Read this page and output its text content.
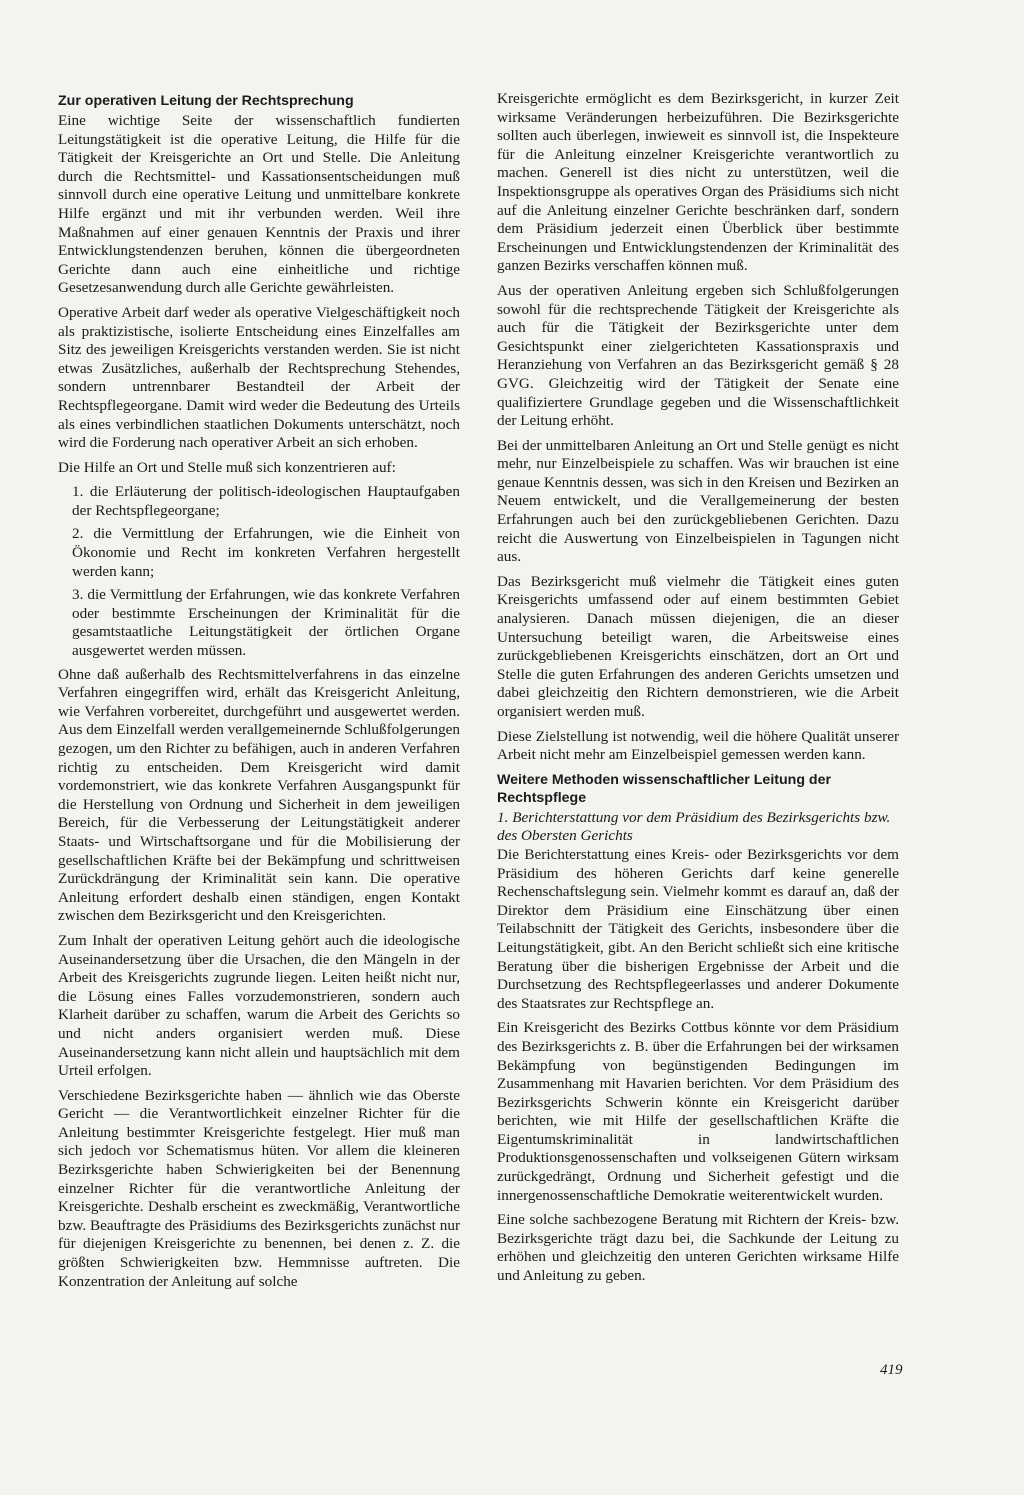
Zur operativen Leitung der Rechtsprechung

Eine wichtige Seite der wissenschaftlich fundierten Leitungstätigkeit ist die operative Leitung, die Hilfe für die Tätigkeit der Kreisgerichte an Ort und Stelle. Die Anleitung durch die Rechtsmittel- und Kassationsentscheidungen muß sinnvoll durch eine operative Leitung und unmittelbare konkrete Hilfe ergänzt und mit ihr verbunden werden. Weil ihre Maßnahmen auf einer genauen Kenntnis der Praxis und ihrer Entwicklungstendenzen beruhen, können die übergeordneten Gerichte dann auch eine einheitliche und richtige Gesetzesanwendung durch alle Gerichte gewährleisten.

Operative Arbeit darf weder als operative Vielgeschäftigkeit noch als praktizistische, isolierte Entscheidung eines Einzelfalles am Sitz des jeweiligen Kreisgerichts verstanden werden. Sie ist nicht etwas Zusätzliches, außerhalb der Rechtsprechung Stehendes, sondern untrennbarer Bestandteil der Arbeit der Rechtspflegeorgane. Damit wird weder die Bedeutung des Urteils als eines verbindlichen staatlichen Dokuments unterschätzt, noch wird die Forderung nach operativer Arbeit an sich erhoben.

Die Hilfe an Ort und Stelle muß sich konzentrieren auf:

1. die Erläuterung der politisch-ideologischen Hauptaufgaben der Rechtspflegeorgane;
2. die Vermittlung der Erfahrungen, wie die Einheit von Ökonomie und Recht im konkreten Verfahren hergestellt werden kann;
3. die Vermittlung der Erfahrungen, wie das konkrete Verfahren oder bestimmte Erscheinungen der Kriminalität für die gesamtstaatliche Leitungstätigkeit der örtlichen Organe ausgewertet werden müssen.

Ohne daß außerhalb des Rechtsmittelverfahrens in das einzelne Verfahren eingegriffen wird, erhält das Kreisgericht Anleitung, wie Verfahren vorbereitet, durchgeführt und ausgewertet werden. Aus dem Einzelfall werden verallgemeinernde Schlußfolgerungen gezogen, um den Richter zu befähigen, auch in anderen Verfahren richtig zu entscheiden. Dem Kreisgericht wird damit vordemonstriert, wie das konkrete Verfahren Ausgangspunkt für die Herstellung von Ordnung und Sicherheit in dem jeweiligen Bereich, für die Verbesserung der Leitungstätigkeit anderer Staats- und Wirtschaftsorgane und für die Mobilisierung der gesellschaftlichen Kräfte bei der Bekämpfung und schrittweisen Zurückdrängung der Kriminalität sein kann. Die operative Anleitung erfordert deshalb einen ständigen, engen Kontakt zwischen dem Bezirksgericht und den Kreisgerichten.

Zum Inhalt der operativen Leitung gehört auch die ideologische Auseinandersetzung über die Ursachen, die den Mängeln in der Arbeit des Kreisgerichts zugrunde liegen. Leiten heißt nicht nur, die Lösung eines Falles vorzudemonstrieren, sondern auch Klarheit darüber zu schaffen, warum die Arbeit des Gerichts so und nicht anders organisiert werden muß. Diese Auseinandersetzung kann nicht allein und hauptsächlich mit dem Urteil erfolgen.

Verschiedene Bezirksgerichte haben — ähnlich wie das Oberste Gericht — die Verantwortlichkeit einzelner Richter für die Anleitung bestimmter Kreisgerichte festgelegt. Hier muß man sich jedoch vor Schematismus hüten. Vor allem die kleineren Bezirksgerichte haben Schwierigkeiten bei der Benennung einzelner Richter für die verantwortliche Anleitung der Kreisgerichte. Deshalb erscheint es zweckmäßig, Verantwortliche bzw. Beauftragte des Präsidiums des Bezirksgerichts zunächst nur für diejenigen Kreisgerichte zu benennen, bei denen z. Z. die größten Schwierigkeiten bzw. Hemmnisse auftreten. Die Konzentration der Anleitung auf solche

Kreisgerichte ermöglicht es dem Bezirksgericht, in kurzer Zeit wirksame Veränderungen herbeizuführen. Die Bezirksgerichte sollten auch überlegen, inwieweit es sinnvoll ist, die Inspekteure für die Anleitung einzelner Kreisgerichte verantwortlich zu machen. Generell ist dies nicht zu unterstützen, weil die Inspektionsgruppe als operatives Organ des Präsidiums sich nicht auf die Anleitung einzelner Gerichte beschränken darf, sondern dem Präsidium jederzeit einen Überblick über bestimmte Erscheinungen und Entwicklungstendenzen der Kriminalität des ganzen Bezirks verschaffen können muß.

Aus der operativen Anleitung ergeben sich Schlußfolgerungen sowohl für die rechtsprechende Tätigkeit der Kreisgerichte als auch für die Tätigkeit der Bezirksgerichte unter dem Gesichtspunkt einer zielgerichteten Kassationspraxis und Heranziehung von Verfahren an das Bezirksgericht gemäß § 28 GVG. Gleichzeitig wird der Tätigkeit der Senate eine qualifiziertere Grundlage gegeben und die Wissenschaftlichkeit der Leitung erhöht.

Bei der unmittelbaren Anleitung an Ort und Stelle genügt es nicht mehr, nur Einzelbeispiele zu schaffen. Was wir brauchen ist eine genaue Kenntnis dessen, was sich in den Kreisen und Bezirken an Neuem entwickelt, und die Verallgemeinerung der besten Erfahrungen auch bei den zurückgebliebenen Gerichten. Dazu reicht die Auswertung von Einzelbeispielen in Tagungen nicht aus.

Das Bezirksgericht muß vielmehr die Tätigkeit eines guten Kreisgerichts umfassend oder auf einem bestimmten Gebiet analysieren. Danach müssen diejenigen, die an dieser Untersuchung beteiligt waren, die Arbeitsweise eines zurückgebliebenen Kreisgerichts einschätzen, dort an Ort und Stelle die guten Erfahrungen des anderen Gerichts umsetzen und dabei gleichzeitig den Richtern demonstrieren, wie die Arbeit organisiert werden muß.

Diese Zielstellung ist notwendig, weil die höhere Qualität unserer Arbeit nicht mehr am Einzelbeispiel gemessen werden kann.

Weitere Methoden wissenschaftlicher Leitung der Rechtspflege
1. Berichterstattung vor dem Präsidium des Bezirksgerichts bzw. des Obersten Gerichts

Die Berichterstattung eines Kreis- oder Bezirksgerichts vor dem Präsidium des höheren Gerichts darf keine generelle Rechenschaftslegung sein. Vielmehr kommt es darauf an, daß der Direktor dem Präsidium eine Einschätzung über einen Teilabschnitt der Tätigkeit des Gerichts, insbesondere über die Leitungstätigkeit, gibt. An den Bericht schließt sich eine kritische Beratung über die bisherigen Ergebnisse der Arbeit und die Durchsetzung des Rechtspflegeerlasses und anderer Dokumente des Staatsrates zur Rechtspflege an.

Ein Kreisgericht des Bezirks Cottbus könnte vor dem Präsidium des Bezirksgerichts z. B. über die Erfahrungen bei der wirksamen Bekämpfung von begünstigenden Bedingungen im Zusammenhang mit Havarien berichten. Vor dem Präsidium des Bezirksgerichts Schwerin könnte ein Kreisgericht darüber berichten, wie mit Hilfe der gesellschaftlichen Kräfte die Eigentumskriminalität in landwirtschaftlichen Produktionsgenossenschaften und volkseigenen Gütern wirksam zurückgedrängt, Ordnung und Sicherheit gefestigt und die innergenossenschaftliche Demokratie weiterentwickelt wurden.

Eine solche sachbezogene Beratung mit Richtern der Kreis- bzw. Bezirksgerichte trägt dazu bei, die Sachkunde der Leitung zu erhöhen und gleichzeitig den unteren Gerichten wirksame Hilfe und Anleitung zu geben.

419
